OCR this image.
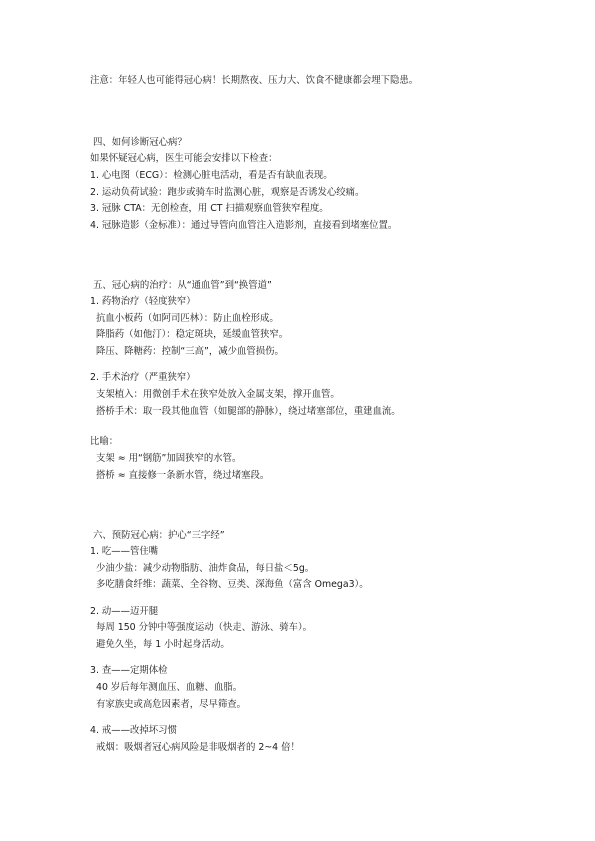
注意：年轻人也可能得冠心病！长期熬夜、压力大、饮食不健康都会埋下隐患。
四、如何诊断冠心病？
如果怀疑冠心病，医生可能会安排以下检查：
1. 心电图（ECG）：检测心脏电活动，看是否有缺血表现。
2. 运动负荷试验：跑步或骑车时监测心脏，观察是否诱发心绞痛。
3. 冠脉 CTA：无创检查，用 CT 扫描观察血管狭窄程度。
4. 冠脉造影（金标准）：通过导管向血管注入造影剂，直接看到堵塞位置。
五、冠心病的治疗：从“通血管”到“换管道”
1. 药物治疗（轻度狭窄）
抗血小板药（如阿司匹林）：防止血栓形成。
降脂药（如他汀）：稳定斑块，延缓血管狭窄。
降压、降糖药：控制“三高”，减少血管损伤。
2. 手术治疗（严重狭窄）
支架植入：用微创手术在狭窄处放入金属支架，撑开血管。
搭桥手术：取一段其他血管（如腿部的静脉），绕过堵塞部位，重建血流。
比喻：
支架 ≈ 用“钢筋”加固狭窄的水管。
搭桥 ≈ 直接修一条新水管，绕过堵塞段。
六、预防冠心病：护心“三字经”
1. 吃——管住嘴
少油少盐：减少动物脂肪、油炸食品，每日盐＜5g。
多吃膳食纤维：蔬菜、全谷物、豆类、深海鱼（富含 Omega3）。
2. 动——迈开腿
每周 150 分钟中等强度运动（快走、游泳、骑车）。
避免久坐，每 1 小时起身活动。
3. 查——定期体检
40 岁后每年测血压、血糖、血脂。
有家族史或高危因素者，尽早筛查。
4. 戒——改掉坏习惯
戒烟：吸烟者冠心病风险是非吸烟者的 2~4 倍！
